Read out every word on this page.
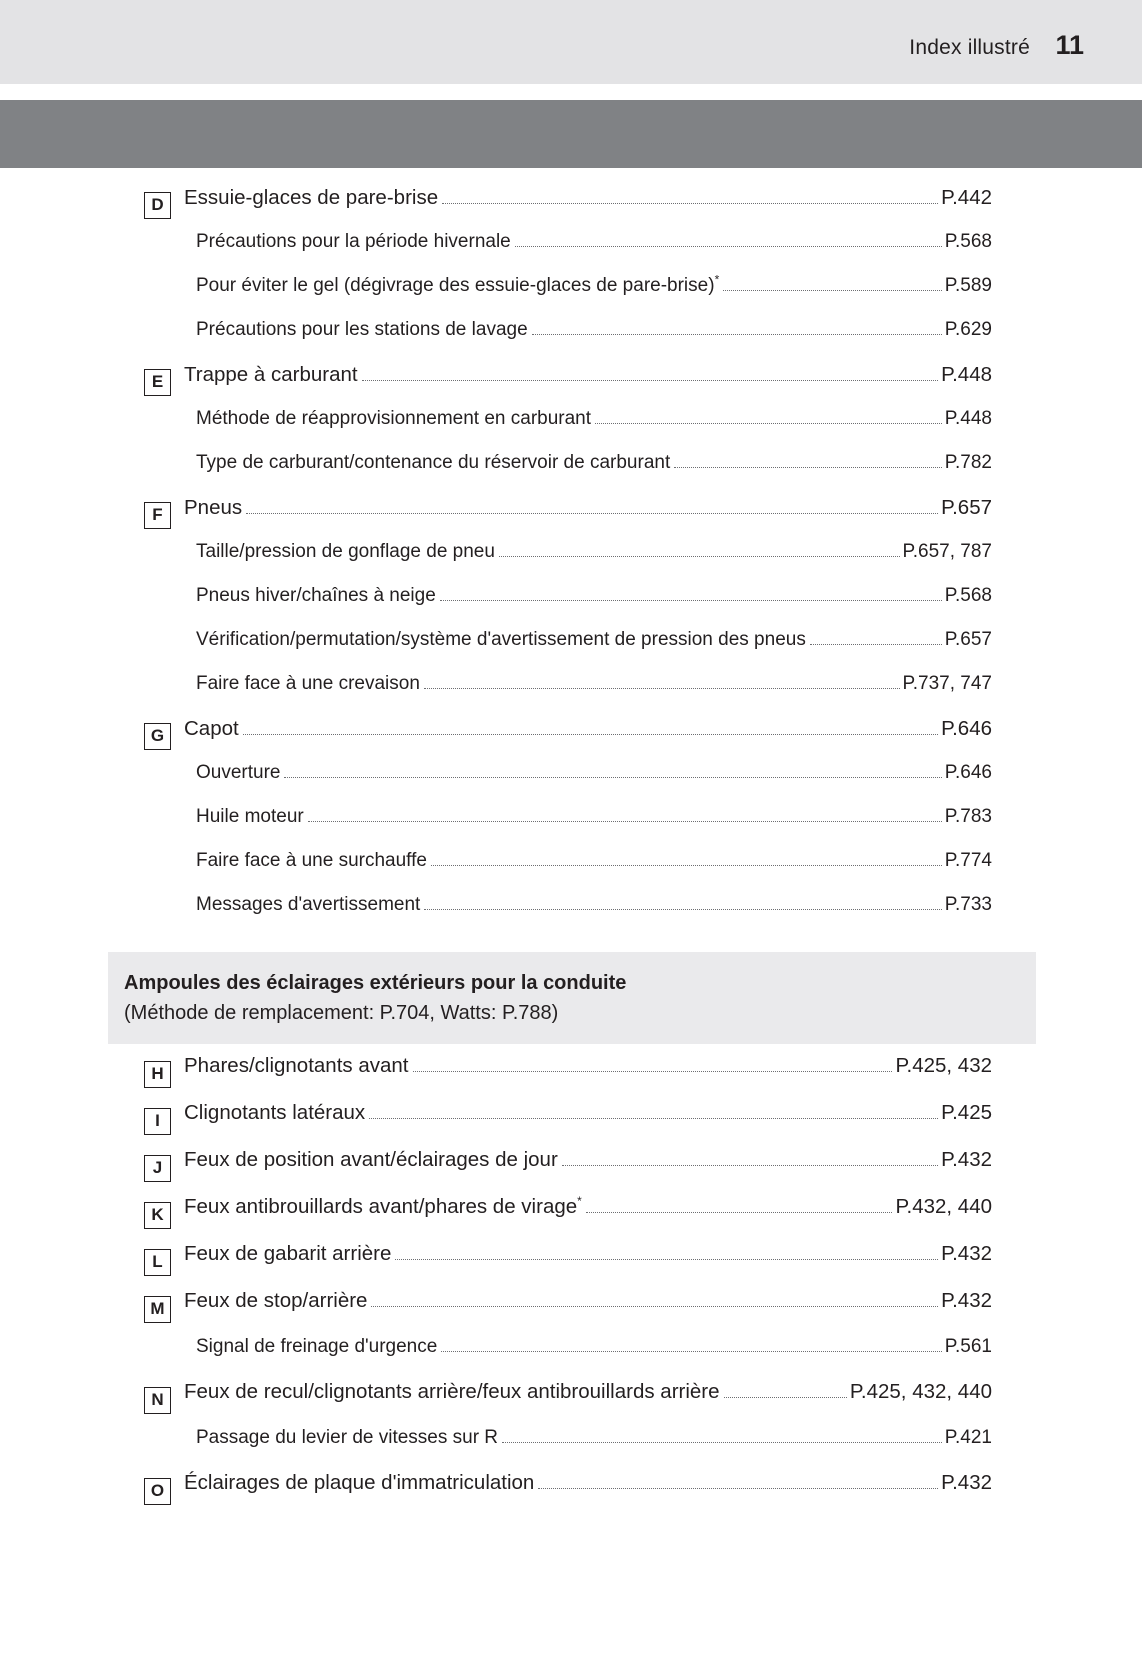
Index illustré 11
D Essuie-glaces de pare-brise	P.442
Précautions pour la période hivernale	P.568
Pour éviter le gel (dégivrage des essuie-glaces de pare-brise)*	P.589
Précautions pour les stations de lavage	P.629
E	Trappe à carburant	P.448
Méthode de réapprovisionnement en carburant	P.448
Type de carburant/contenance du réservoir de carburant	P.782
F	Pneus	P.657
Taille/pression de gonflage de pneu	P.657, 787
Pneus hiver/chaînes à neige	P.568
Vérification/permutation/système d'avertissement de pression des pneus	P.657
Faire face à une crevaison	P.737, 747
G Capot	P.646
Ouverture	P.646
Huile moteur	P.783
Faire face à une surchauffe	P.774
Messages d'avertissement	P.733
Ampoules des éclairages extérieurs pour la conduite
(Méthode de remplacement: P.704, Watts: P.788)
H Phares/clignotants avant	P.425, 432
I	Clignotants latéraux	P.425
J	Feux de position avant/éclairages de jour	P.432
K Feux antibrouillards avant/phares de virage*	P.432, 440
L	Feux de gabarit arrière	P.432
M Feux de stop/arrière	P.432
Signal de freinage d'urgence	P.561
N Feux de recul/clignotants arrière/feux antibrouillards arrière	P.425, 432, 440
Passage du levier de vitesses sur R	P.421
O Éclairages de plaque d'immatriculation	P.432
